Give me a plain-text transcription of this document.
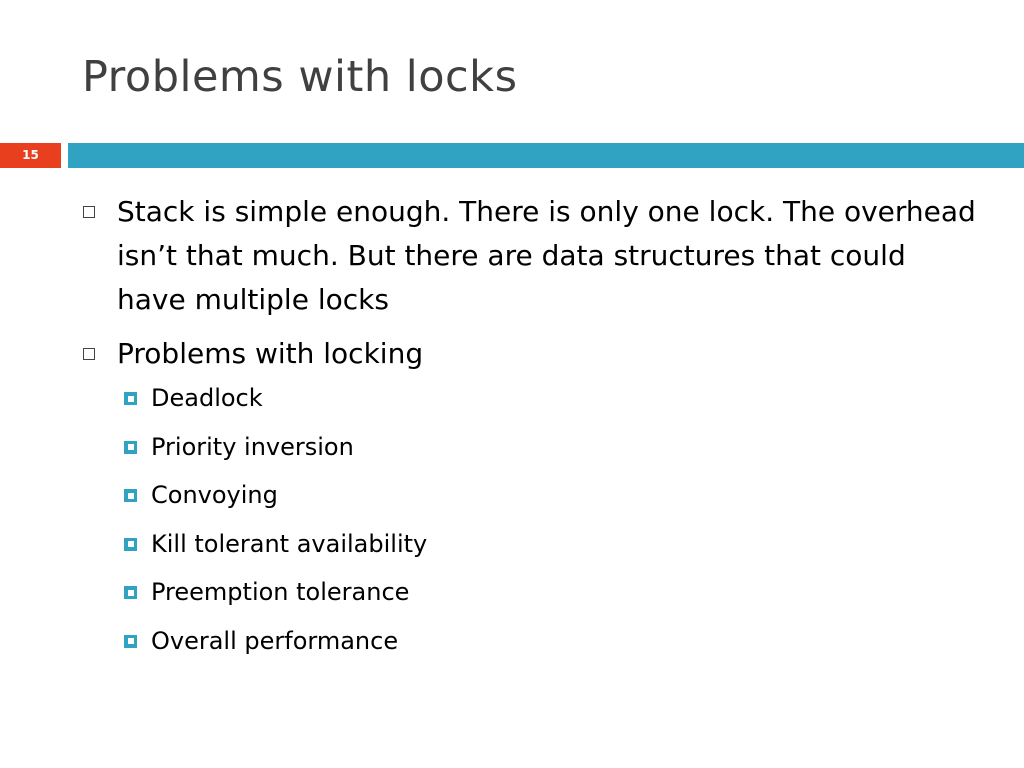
Problems with locks
15
Stack is simple enough. There is only one lock. The overhead isn’t that much. But there are data structures that could have multiple locks
Problems with locking
Deadlock
Priority inversion
Convoying
Kill tolerant availability
Preemption tolerance
Overall performance
